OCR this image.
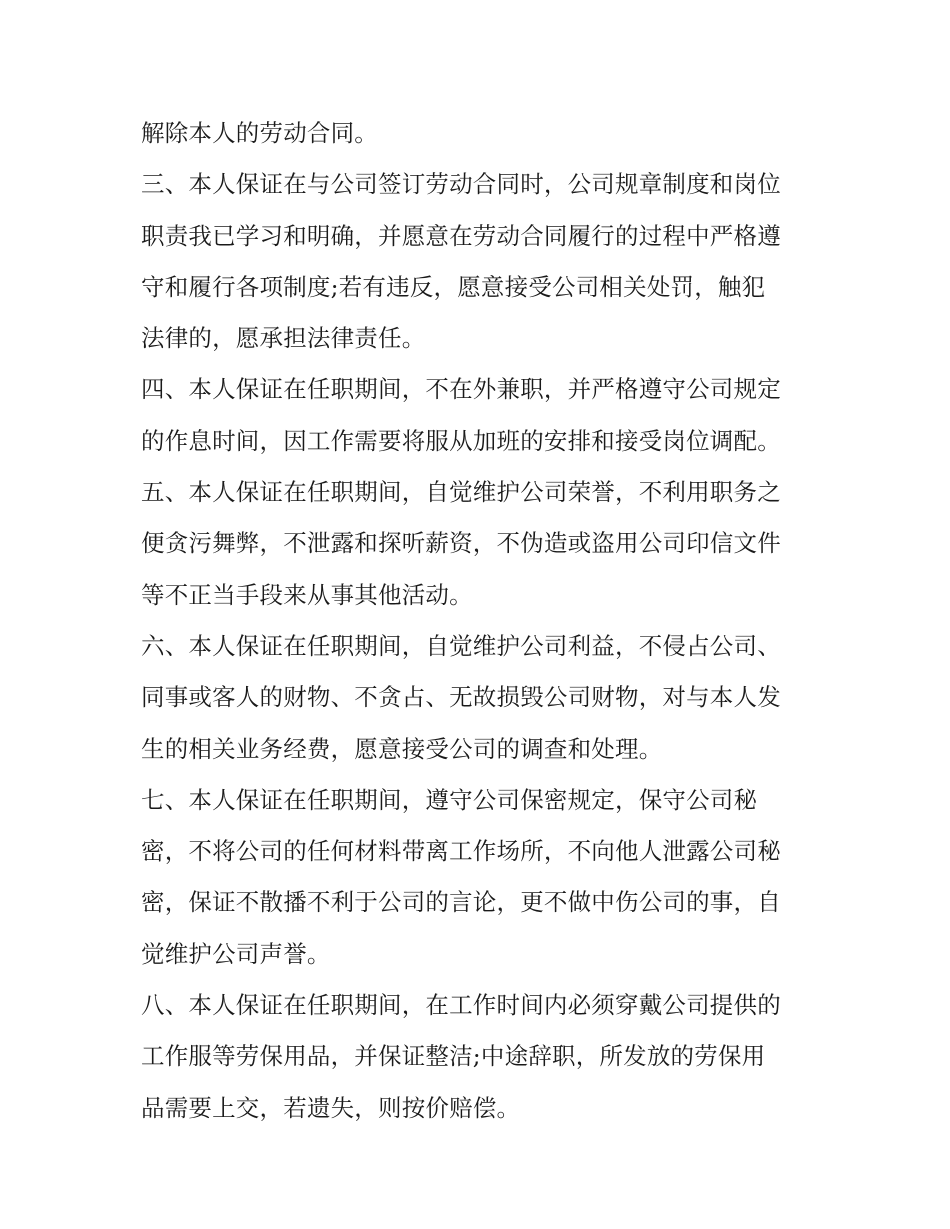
解除本人的劳动合同。
三、本人保证在与公司签订劳动合同时，公司规章制度和岗位
职责我已学习和明确，并愿意在劳动合同履行的过程中严格遵
守和履行各项制度;若有违反，愿意接受公司相关处罚，触犯
法律的，愿承担法律责任。
四、本人保证在任职期间，不在外兼职，并严格遵守公司规定
的作息时间，因工作需要将服从加班的安排和接受岗位调配。
五、本人保证在任职期间，自觉维护公司荣誉，不利用职务之
便贪污舞弊，不泄露和探听薪资，不伪造或盗用公司印信文件
等不正当手段来从事其他活动。
六、本人保证在任职期间，自觉维护公司利益，不侵占公司、
同事或客人的财物、不贪占、无故损毁公司财物，对与本人发
生的相关业务经费，愿意接受公司的调查和处理。
七、本人保证在任职期间，遵守公司保密规定，保守公司秘
密，不将公司的任何材料带离工作场所，不向他人泄露公司秘
密，保证不散播不利于公司的言论，更不做中伤公司的事，自
觉维护公司声誉。
八、本人保证在任职期间，在工作时间内必须穿戴公司提供的
工作服等劳保用品，并保证整洁;中途辞职，所发放的劳保用
品需要上交，若遗失，则按价赔偿。
